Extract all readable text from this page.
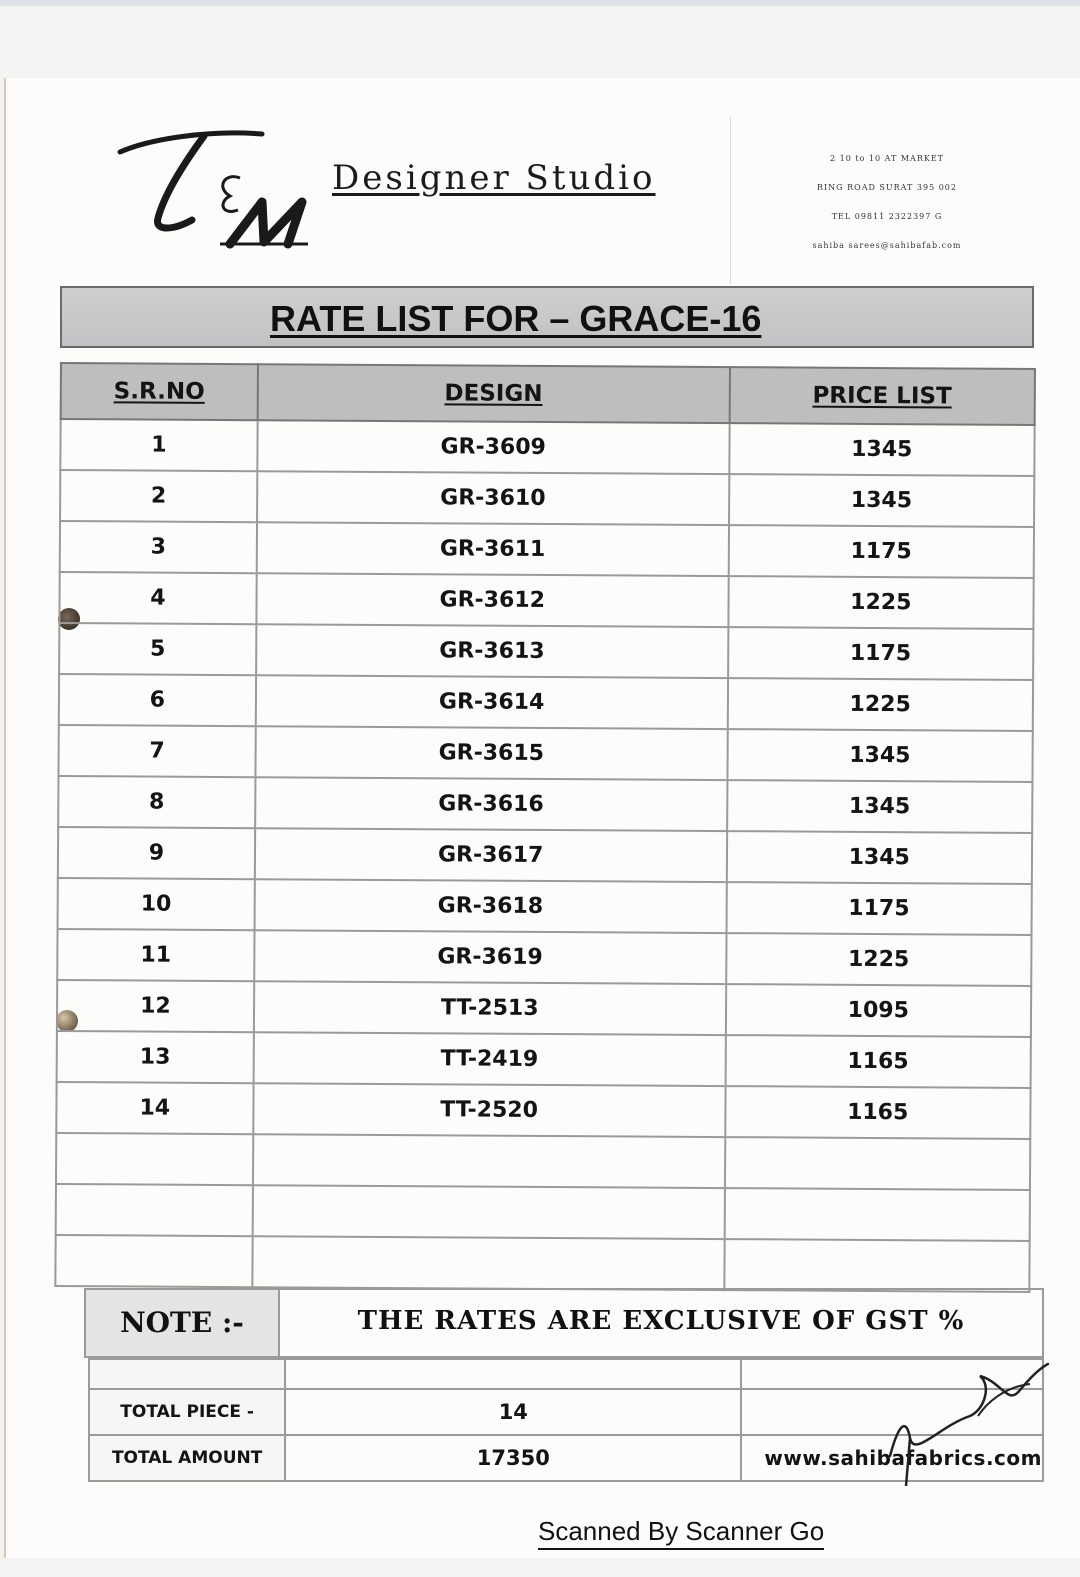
Designer Studio	2 10 to 10 AT MARKET
RING ROAD SURAT 395 002
TEL 09811 2322397 G
sahiba sarees@sahibafab.com
RATE LIST FOR – GRACE-16
S.R.NO	DESIGN	PRICE LIST
1	GR-3609	1345
2	GR-3610	1345
3	GR-3611	1175
4	GR-3612	1225
5	GR-3613	1175
6	GR-3614	1225
7	GR-3615	1345
8	GR-3616	1345
9	GR-3617	1345
10	GR-3618	1175
11	GR-3619	1225
12	TT-2513	1095
13	TT-2419	1165
14	TT-2520	1165

NOTE :-	THE RATES ARE EXCLUSIVE OF GST %

TOTAL PIECE -	14	
TOTAL AMOUNT	17350	www.sahibafabrics.com
Scanned By Scanner Go
